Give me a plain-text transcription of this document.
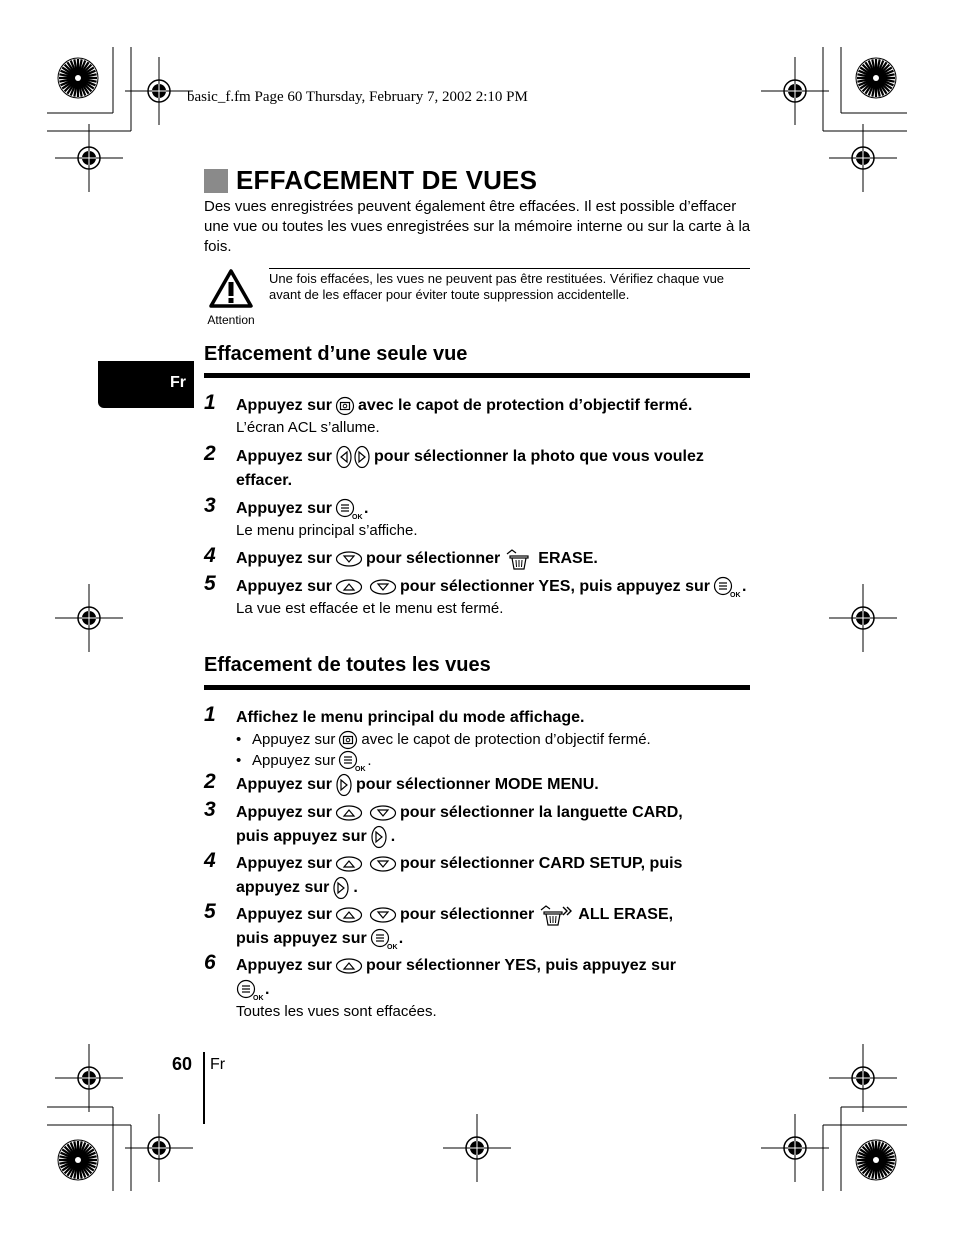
basic_f.fm Page 60 Thursday, February 7, 2002 2:10 PM
EFFACEMENT DE VUES
Des vues enregistrées peuvent également être effacées. Il est possible d’effacer une vue ou toutes les vues enregistrées sur la mémoire interne ou sur la carte à la fois.
Attention
Une fois effacées, les vues ne peuvent pas être restituées. Vérifiez chaque vue avant de les effacer pour éviter toute suppression accidentelle.
Fr
Effacement d’une seule vue
1	Appuyez sur avec le capot de protection d’objectif fermé.
L’écran ACL s’allume.
2	Appuyez sur	pour sélectionner la photo que vous voulez effacer.
3	Appuyez sur
OK
.
Le menu principal s’affiche.
4	Appuyez sur pour sélectionner ERASE.
5	Appuyez sur	pour sélectionner YES, puis appuyez sur
OK
.
La vue est effacée et le menu est fermé.
Effacement de toutes les vues
1	Affichez le menu principal du mode affichage.
• Appuyez sur avec le capot de protection d’objectif fermé.
• Appuyez sur
OK
.
2	Appuyez sur pour sélectionner MODE MENU.
3	Appuyez sur	pour sélectionner la languette CARD,
puis appuyez sur .
4	Appuyez sur	pour sélectionner CARD SETUP, puis
appuyez sur .
5	Appuyez sur	pour sélectionner	ALL ERASE,
puis appuyez sur
OK
.
6	Appuyez sur pour sélectionner YES, puis appuyez sur
OK
.
Toutes les vues sont effacées.
60 Fr
